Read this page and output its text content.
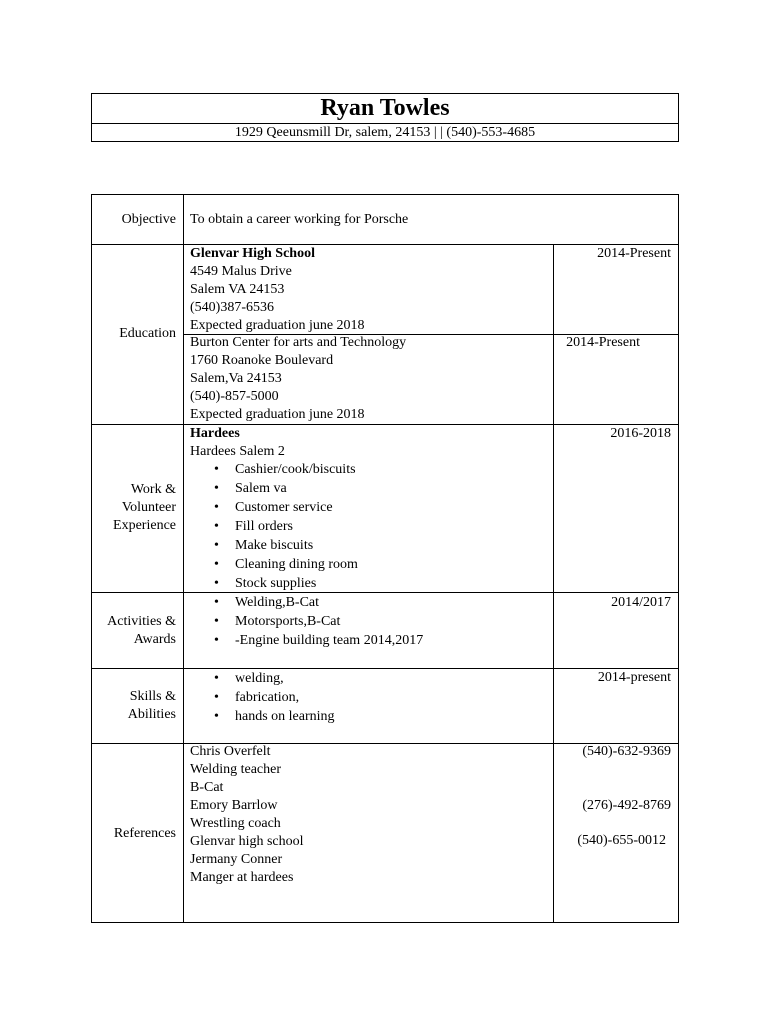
Ryan Towles
1929 Qeeunsmill Dr, salem, 24153 | | (540)-553-4685
Objective To obtain a career working for Porsche
Education
Glenvar High School
4549 Malus Drive
Salem VA 24153
(540)387-6536
Expected graduation june 2018
2014-Present
Burton Center for arts and Technology
1760 Roanoke Boulevard
Salem,Va 24153
(540)-857-5000
Expected graduation june 2018
2014-Present
Work &
Volunteer
Experience
Hardees
Hardees Salem 2
• Cashier/cook/biscuits
• Salem va
• Customer service
• Fill orders
• Make biscuits
• Cleaning dining room
• Stock supplies
2016-2018
Activities &
Awards
• Welding,B-Cat
• Motorsports,B-Cat
• -Engine building team 2014,2017
2014/2017
Skills &
Abilities
• welding,
• fabrication,
• hands on learning
2014-present
References
Chris Overfelt
Welding teacher
B-Cat
Emory Barrlow
Wrestling coach
Glenvar high school
Jermany Conner
Manger at hardees
(540)-632-9369
(276)-492-8769
(540)-655-0012
